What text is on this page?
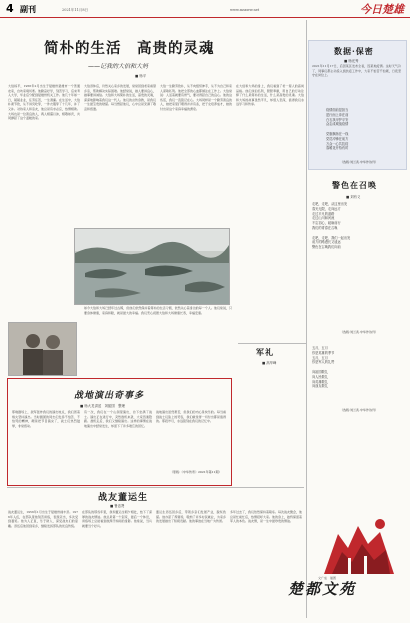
4 副刊	2021年11月8日	www.msxww.net	今日楚雄
简朴的生活　高贵的灵魂
——记我的大伯和大妈
■ 杨平
大伯杨平，1956年2月出生于楚雄州楚雄市一个普通农家，自幼家境贫寒。他勤奋好学，刻苦学习，后来考入大学，毕业后分配到楚雄州机关工作。他几十年如一日，兢兢业业，任劳任怨，一生清廉。在生活中，大伯朴素节俭，从不讲究吃穿，一件衣服穿了十几年，补了又补。对待家人和亲友，他总是有求必应，热情相助。大妈也是一位善良的人，两人相濡以沫，相敬如宾，共同撑起了这个温暖的家。
大伯退休后，仍然关心家乡的发展，常常回到老家看望乡亲，帮助解决实际困难。他经常说，做人要讲良心，做事要讲诚信。大伯和大妈简朴的生活，高贵的灵魂，深深地影响着我们这一代人。他们的言传身教，是我们一生最宝贵的财富。每当想起他们，心中总是充满了敬意和感激。
大伯一生勤劳俭朴，从不向组织伸手，从不为自己和家人谋取私利。他把全部的心血都倾注在工作上。大伯常说：人活着就要有骨气，要对得起自己的良心。他的这些话，我们一直铭记在心。大妈同样是一个勤劳善良的人，她把家里打理得井井有条，把子女培养成才，她的付出是这个家庭幸福的源泉。
在大伯和大妈的身上，我们看到了老一辈人的高尚品格。他们淡泊名利，默默奉献，用自己的行动诠释了什么是简朴的生活，什么是高贵的灵魂。大伯和大妈的故事虽然平凡，却感人至深，值得我们永远学习和传承。
如今大伯和大妈已经年过古稀，但他们依然保持着简朴的生活习惯，依然关心着身边的每一个人。他们常说，只要身体健康，家庭和睦，就是最大的幸福。我们衷心祝愿大伯和大妈健康长寿，幸福安康。
战地演出奇事多
■ 杨大龙讲述　刘振国　整理
那晚剧场上，敌军轰炸我们的演出地点，我们冒着炮火坚持演出。当时剧团的同志们发扬不怕苦、不怕死的精神，硬是把节目演完了，战士们热烈鼓掌，非常感动。
有一次，我们在一个山洞里演出，台下坐满了战士。演出正在进行中，突然敌机来袭，大家迅速隐蔽。敌机走后，我们又继续演出。这样的事情在战地演出中经常发生，却留下了许多难忘的回忆。
战地演出虽然艰苦，但我们的内心是快乐的。每当看到战士们脸上的笑容，我们就觉得一切付出都是值得的。那段岁月，永远铭刻在我们的记忆中。
（原载:《中华传奇》2021年第11期）
战友董运生
■ 鲁忠贤
战友董运生，1956年1月出生于楚雄州禄丰县。1976年入伍，在部队里他刻苦训练，表现突出，多次受到嘉奖。他为人正直，乐于助人，深受战友们的爱戴。退伍后他回到家乡，继续发扬部队的优良传统。
在部队的那些年里，我和董运生朝夕相处，结下了深厚的战友情谊。他总是第一个起床，最后一个休息，训练场上总能看到他挥汗如雨的身影。他常说，当兵就要当个好兵。
董运生退伍回乡后，带领乡亲们发展产业，脱贫致富。他办起了养殖场，吸纳了许多村民就业，为家乡的发展做出了积极贡献。他的事迹在当地广为传颂。
多年过去了，我们依然保持着联系。每次战友聚会，他总是忙前忙后，热情招呼大家。他的身上，始终保留着军人的本色。战友情，是一生中最珍贵的情谊。
数据·保密
■ 杨光秀
2021年11月17日，后因某区发布全省，因某地疫情。这时天气冷了，同事们都主动投入到抗疫工作中，大家不怕苦不怕累，日夜坚守在岗位上。
疫情面前显担当
逆行而上冲在前
白衣执甲护平安
众志成城战疫情

党旗飘扬在一线
党员冲锋在前方
万众一心共抗疫
春暖花开待有时
（选载:刘兰武·中华作诗刊）
警色在召唤
■ 刘有义
走吧，走吧，从这里出发
春光无限，走向远方
走过平凡的道路
走过山川和河流
不忘初心，砥砺前行
我们的青春在召唤

走吧，走吧，我们一起出发
前方的路漫长又遥远
警色在召唤我们向前
（选载:刘兰武·中华作诗刊）
军礼
■ 高华峰
五月，五月
你是英雄的季节
五月，五月
你是军人的礼赞

向祖国敬礼
向人民敬礼
向英雄敬礼
向战友敬礼
（选载:刘兰武·中华作诗刊）
文广成　插图
楚都文苑
